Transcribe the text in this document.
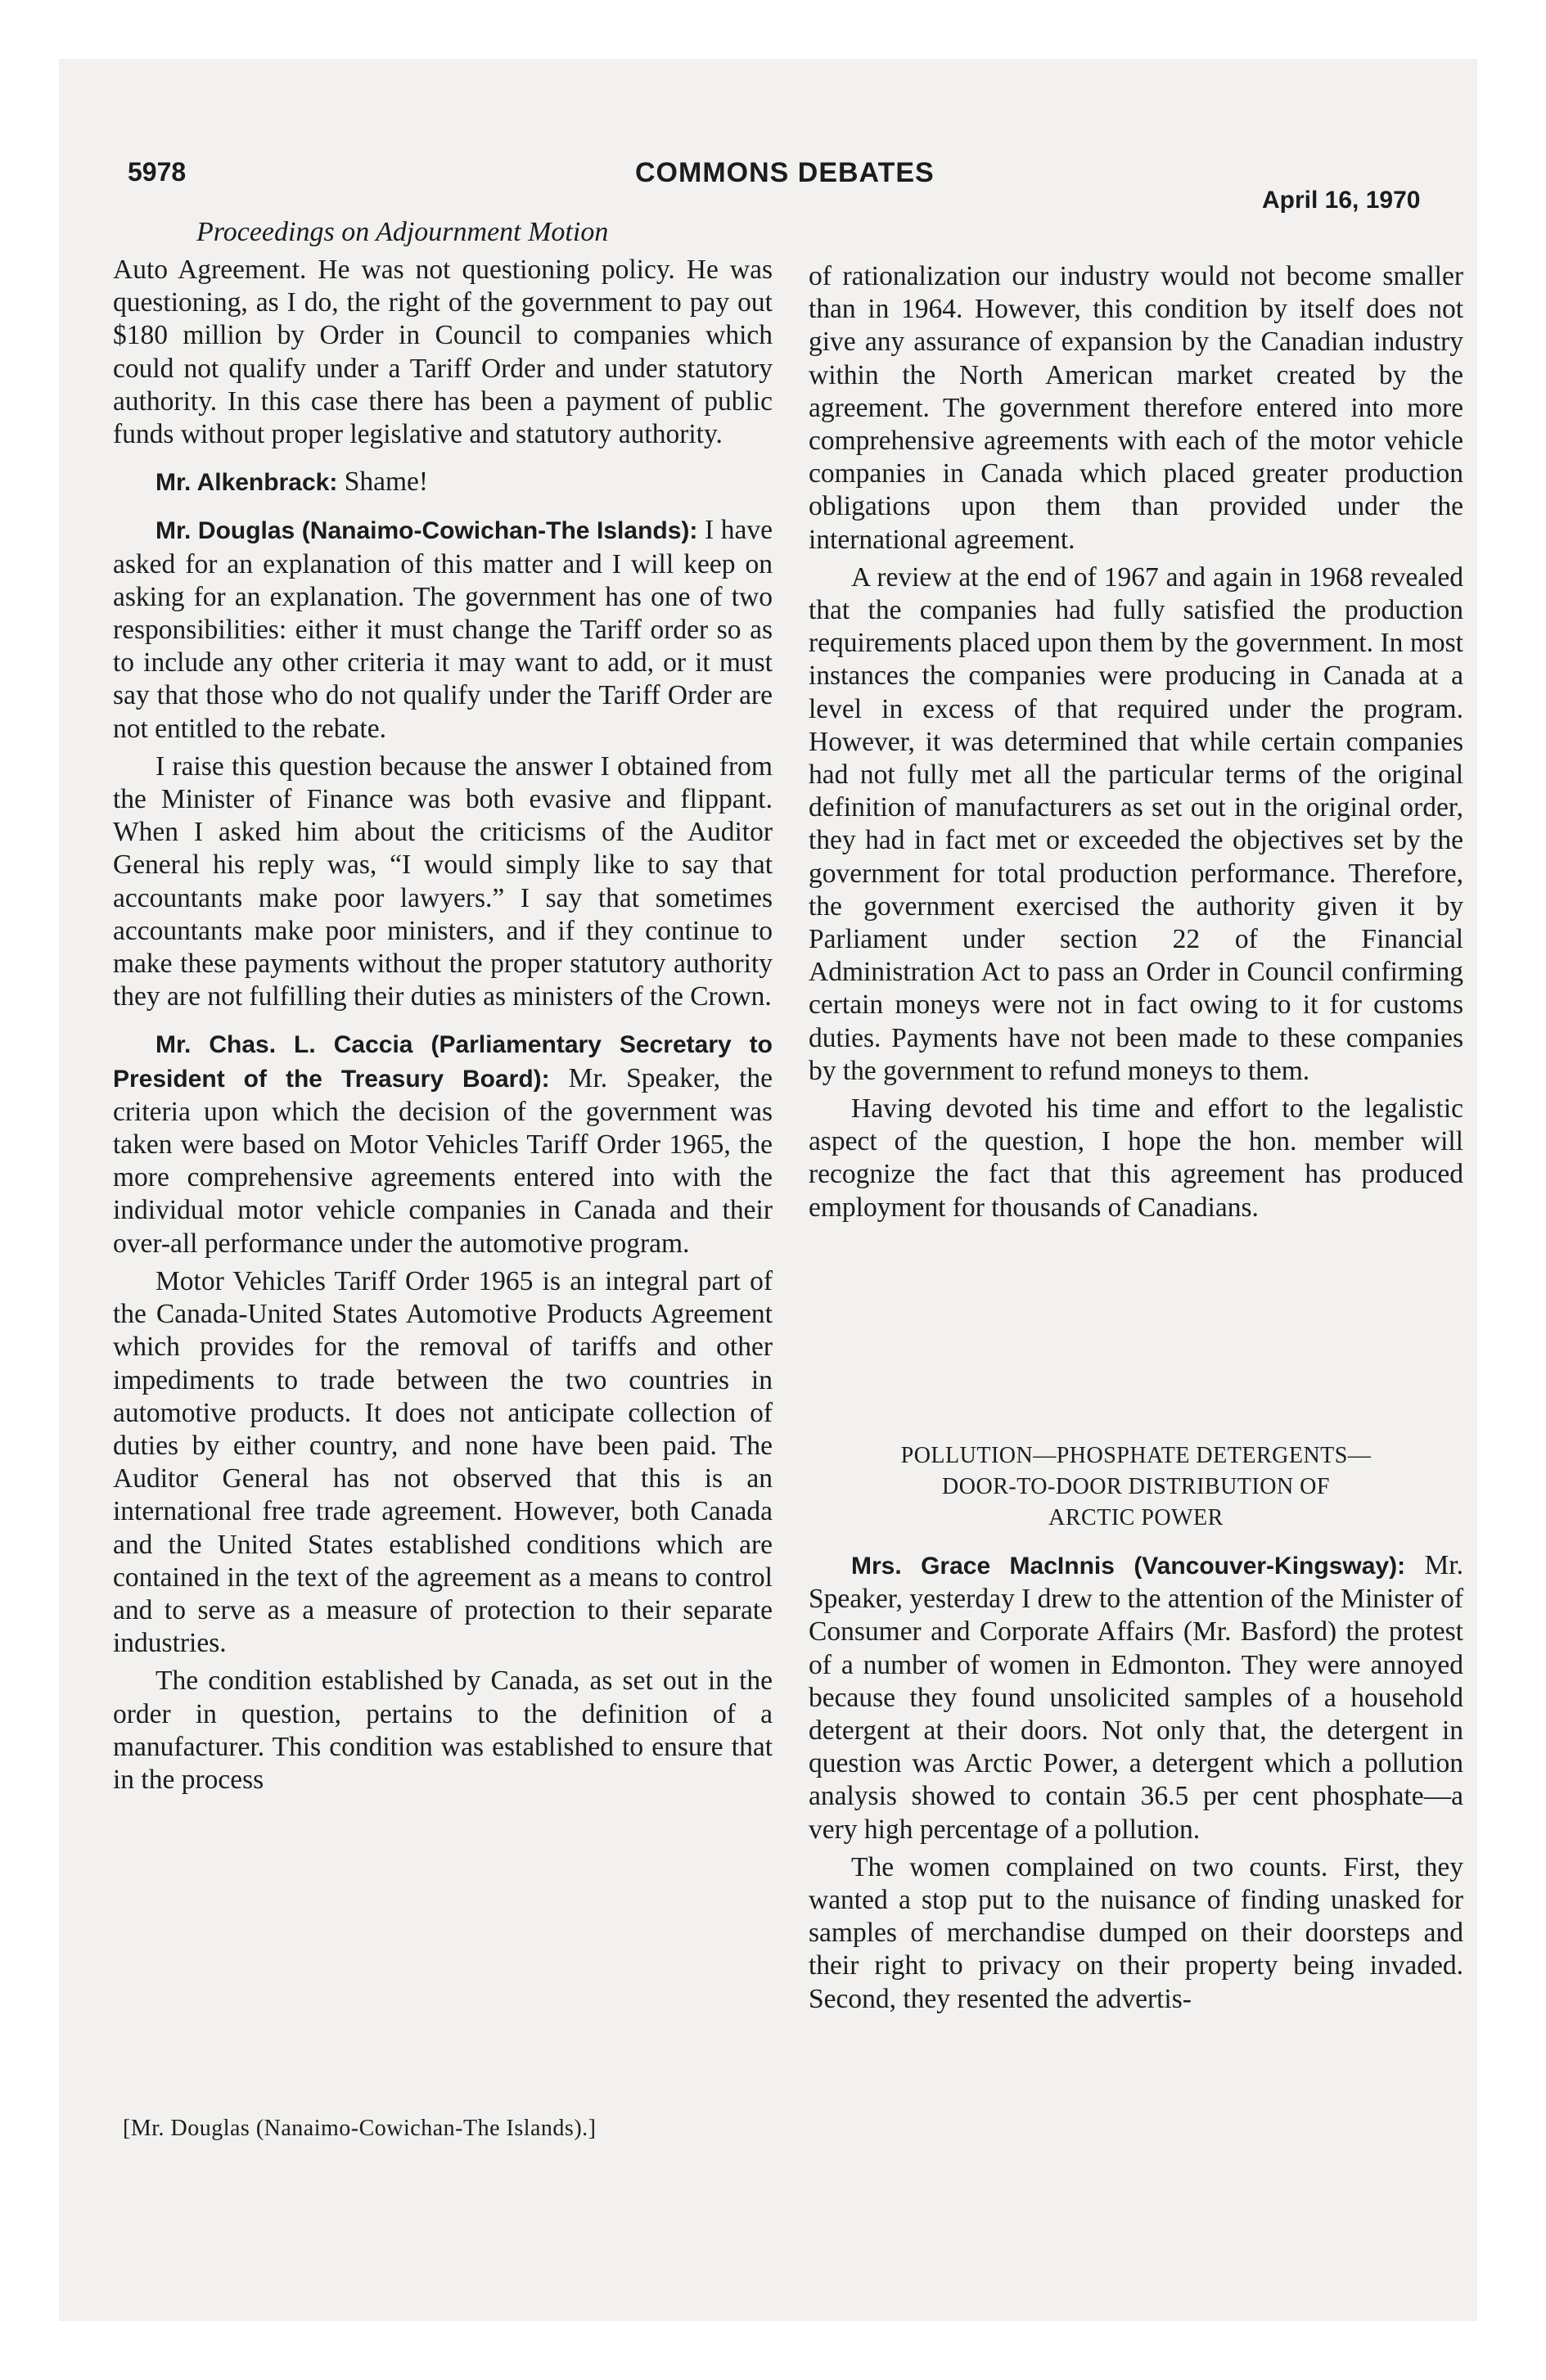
5978	COMMONS DEBATES
April 16, 1970
Proceedings on Adjournment Motion

Auto Agreement. He was not questioning policy. He was questioning, as I do, the right of the government to pay out $180 million by Order in Council to companies which could not qualify under a Tariff Order and under statutory authority. In this case there has been a payment of public funds without proper legislative and statutory authority.

Mr. Alkenbrack: Shame!

Mr. Douglas (Nanaimo-Cowichan-The Islands): I have asked for an explanation of this matter and I will keep on asking for an explanation. The government has one of two responsibilities: either it must change the Tariff order so as to include any other criteria it may want to add, or it must say that those who do not qualify under the Tariff Order are not entitled to the rebate.

I raise this question because the answer I obtained from the Minister of Finance was both evasive and flippant. When I asked him about the criticisms of the Auditor General his reply was, “I would simply like to say that accountants make poor lawyers.” I say that sometimes accountants make poor ministers, and if they continue to make these payments without the proper statutory authority they are not fulfilling their duties as ministers of the Crown.

Mr. Chas. L. Caccia (Parliamentary Secretary to President of the Treasury Board): Mr. Speaker, the criteria upon which the decision of the government was taken were based on Motor Vehicles Tariff Order 1965, the more comprehensive agreements entered into with the individual motor vehicle companies in Canada and their over-all performance under the automotive program.

Motor Vehicles Tariff Order 1965 is an integral part of the Canada-United States Automotive Products Agreement which provides for the removal of tariffs and other impediments to trade between the two countries in automotive products. It does not anticipate collection of duties by either country, and none have been paid. The Auditor General has not observed that this is an international free trade agreement. However, both Canada and the United States established conditions which are contained in the text of the agreement as a means to control and to serve as a measure of protection to their separate industries.

The condition established by Canada, as set out in the order in question, pertains to the definition of a manufacturer. This condition was established to ensure that in the process

[Mr. Douglas (Nanaimo-Cowichan-The Islands).]

of rationalization our industry would not become smaller than in 1964. However, this condition by itself does not give any assurance of expansion by the Canadian industry within the North American market created by the agreement. The government therefore entered into more comprehensive agreements with each of the motor vehicle companies in Canada which placed greater production obligations upon them than provided under the international agreement.

A review at the end of 1967 and again in 1968 revealed that the companies had fully satisfied the production requirements placed upon them by the government. In most instances the companies were producing in Canada at a level in excess of that required under the program. However, it was determined that while certain companies had not fully met all the particular terms of the original definition of manufacturers as set out in the original order, they had in fact met or exceeded the objectives set by the government for total production performance. Therefore, the government exercised the authority given it by Parliament under section 22 of the Financial Administration Act to pass an Order in Council confirming certain moneys were not in fact owing to it for customs duties. Payments have not been made to these companies by the government to refund moneys to them.

Having devoted his time and effort to the legalistic aspect of the question, I hope the hon. member will recognize the fact that this agreement has produced employment for thousands of Canadians.

POLLUTION—PHOSPHATE DETERGENTS—
DOOR-TO-DOOR DISTRIBUTION OF
ARCTIC POWER

Mrs. Grace MacInnis (Vancouver-Kingsway): Mr. Speaker, yesterday I drew to the attention of the Minister of Consumer and Corporate Affairs (Mr. Basford) the protest of a number of women in Edmonton. They were annoyed because they found unsolicited samples of a household detergent at their doors. Not only that, the detergent in question was Arctic Power, a detergent which a pollution analysis showed to contain 36.5 per cent phosphate—a very high percentage of a pollution.

The women complained on two counts. First, they wanted a stop put to the nuisance of finding unasked for samples of merchandise dumped on their doorsteps and their right to privacy on their property being invaded. Second, they resented the advertis-
